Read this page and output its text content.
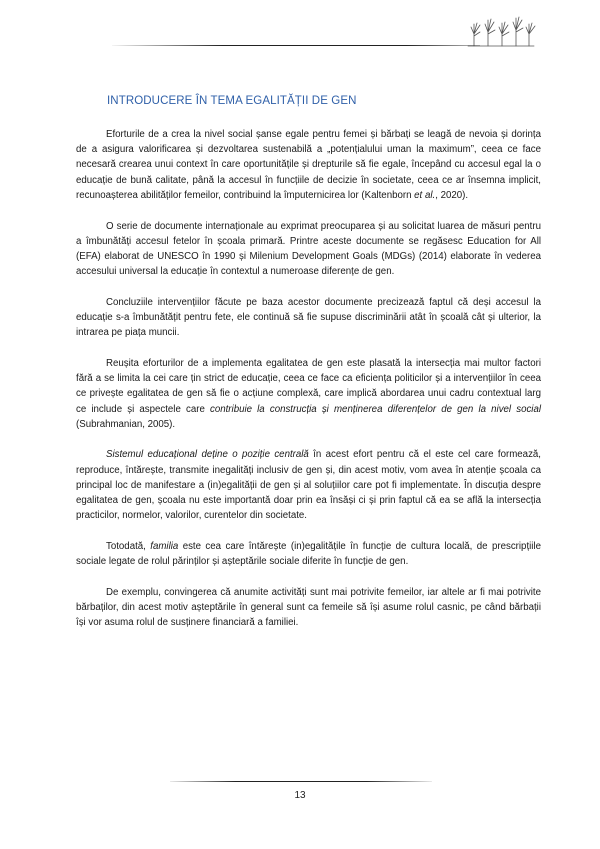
INTRODUCERE ÎN TEMA EGALITĂȚII DE GEN

Eforturile de a crea la nivel social șanse egale pentru femei și bărbați se leagă de nevoia și dorința de a asigura valorificarea și dezvoltarea sustenabilă a „potențialului uman la maximum”, ceea ce face necesară crearea unui context în care oportunitățile și drepturile să fie egale, începând cu accesul egal la o educație de bună calitate, până la accesul în funcțiile de decizie în societate, ceea ce ar însemna implicit, recunoașterea abilităților femeilor, contribuind la împuternicirea lor (Kaltenborn et al., 2020).

O serie de documente internaționale au exprimat preocuparea și au solicitat luarea de măsuri pentru a îmbunătăți accesul fetelor în școala primară. Printre aceste documente se regăsesc Education for All (EFA) elaborat de UNESCO în 1990 și Milenium Development Goals (MDGs) (2014) elaborate în vederea accesului universal la educație în contextul a numeroase diferențe de gen.

Concluziile intervențiilor făcute pe baza acestor documente precizează faptul că deși accesul la educație s-a îmbunătățit pentru fete, ele continuă să fie supuse discriminării atât în școală cât și ulterior, la intrarea pe piața muncii.

Reușita eforturilor de a implementa egalitatea de gen este plasată la intersecția mai multor factori fără a se limita la cei care țin strict de educație, ceea ce face ca eficiența politicilor și a intervențiilor în ceea ce privește egalitatea de gen să fie o acțiune complexă, care implică abordarea unui cadru contextual larg ce include și aspectele care contribuie la construcția și menținerea diferențelor de gen la nivel social (Subrahmanian, 2005).

Sistemul educațional deține o poziție centrală în acest efort pentru că el este cel care formează, reproduce, întărește, transmite inegalități inclusiv de gen și, din acest motiv, vom avea în atenție școala ca principal loc de manifestare a (in)egalității de gen și al soluțiilor care pot fi implementate. În discuția despre egalitatea de gen, școala nu este importantă doar prin ea însăși ci și prin faptul că ea se află la intersecția practicilor, normelor, valorilor, curentelor din societate.

Totodată, familia este cea care întărește (in)egalitățile în funcție de cultura locală, de prescripțiile sociale legate de rolul părinților și așteptările sociale diferite în funcție de gen.

De exemplu, convingerea că anumite activități sunt mai potrivite femeilor, iar altele ar fi mai potrivite bărbaților, din acest motiv așteptările în general sunt ca femeile să își asume rolul casnic, pe când bărbații își vor asuma rolul de susținere financiară a familiei.

13
